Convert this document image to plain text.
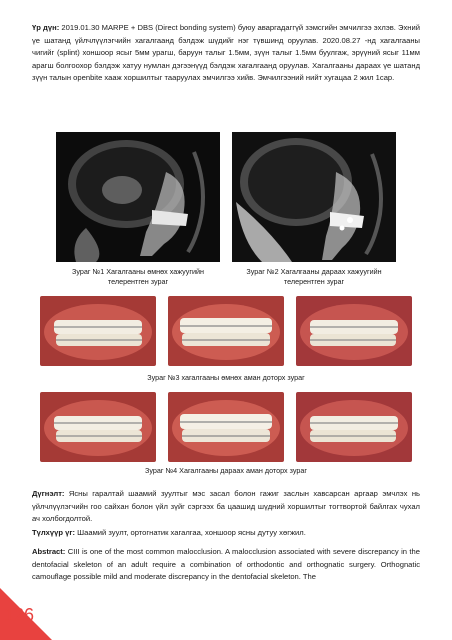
Үр дүн: 2019.01.30 MARPE + DBS (Direct bonding system) буюу аваргадаггүй зэмсгийн эмчилгээ эхлэв. Эхний үе шатанд үйлчлүүлэгчийн хагалгаанд бэлдэж шүдийг нэг түвшинд оруулав. 2020.08.27 -нд хагалгааны чигийг (splint) хоншоор ясыг 5мм урагш, баруун талыг 1.5мм, зүүн талыг 1.5мм буулгаж, эрүүний ясыг 11мм арагш болгоохор бэлдэж хатуу нумлан дэгээнүүд бэлдэж хагалгаанд оруулав. Хагалгааны дараах үе шатанд зүүн талын openbite хааж хоршилтыг тааруулах эмчилгээ хийв. Эмчилгээний нийт хугацаа 2 жил 1сар.
Зураг №1 Хагалгааны өмнөх хажуугийн телерентген зураг
Зураг №2 Хагалгааны дараах хажуугийн телерентген зураг
Зураг №3 хагалгааны өмнөх аман доторх зураг
Зураг №4 Хагалгааны дараах аман доторх зураг
Дүгнэлт: Ясны гаралтай шаамий зуултыг мэс засал болон гажиг заслын хавсарсан аргаар эмчлэх нь үйлчлүүлэгчийн гоо сайхан болон үйл зүйг сэргээх ба цаашид шүдний хоршилтыг тогтвортой байлгах чухал ач холбогдолтой.
Түлхүүр үг: Шаамий зуулт, ортогнатик хагалгаа, хоншоор ясны дутуу хөгжил.
Abstract: CIII is one of the most common malocclusion. A malocclusion associated with severe discrepancy in the dentofacial skeleton of an adult require a combination of orthodontic and orthognatic surgery. Orthognatic camouflage possible mild and moderate discrepancy in the dentofacial skeleton. The
126
